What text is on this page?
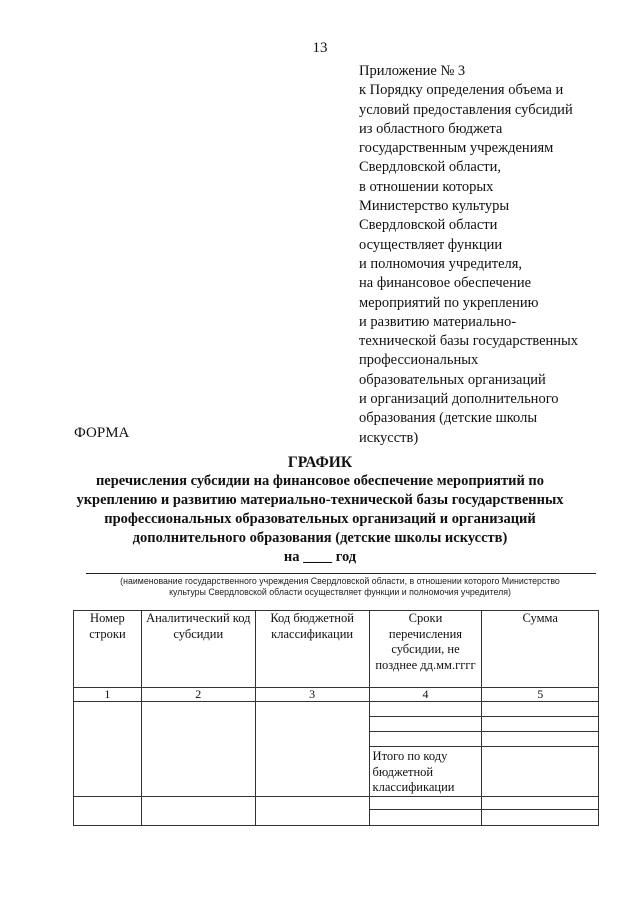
13
Приложение № 3
к Порядку определения объема и
условий предоставления субсидий
из областного бюджета
государственным учреждениям
Свердловской области,
в отношении которых
Министерство культуры
Свердловской области
осуществляет функции
и полномочия учредителя,
на финансовое обеспечение
мероприятий по укреплению
и развитию материально-
технической базы государственных
профессиональных
образовательных организаций
и организаций дополнительного
образования (детские школы
искусств)
ФОРМА
ГРАФИК
перечисления субсидии на финансовое обеспечение мероприятий по
укреплению и развитию материально-технической базы государственных
профессиональных образовательных организаций и организаций
дополнительного образования (детские школы искусств)
на ____ год
(наименование государственного учреждения Свердловской области, в отношении которого Министерство
культуры Свердловской области осуществляет функции и полномочия учредителя)
Номер строки	Аналитический код субсидии	Код бюджетной классификации	Сроки перечисления субсидии, не позднее дд.мм.гггг	Сумма
1	2	3	4	5

			Итого по коду бюджетной классификации	
